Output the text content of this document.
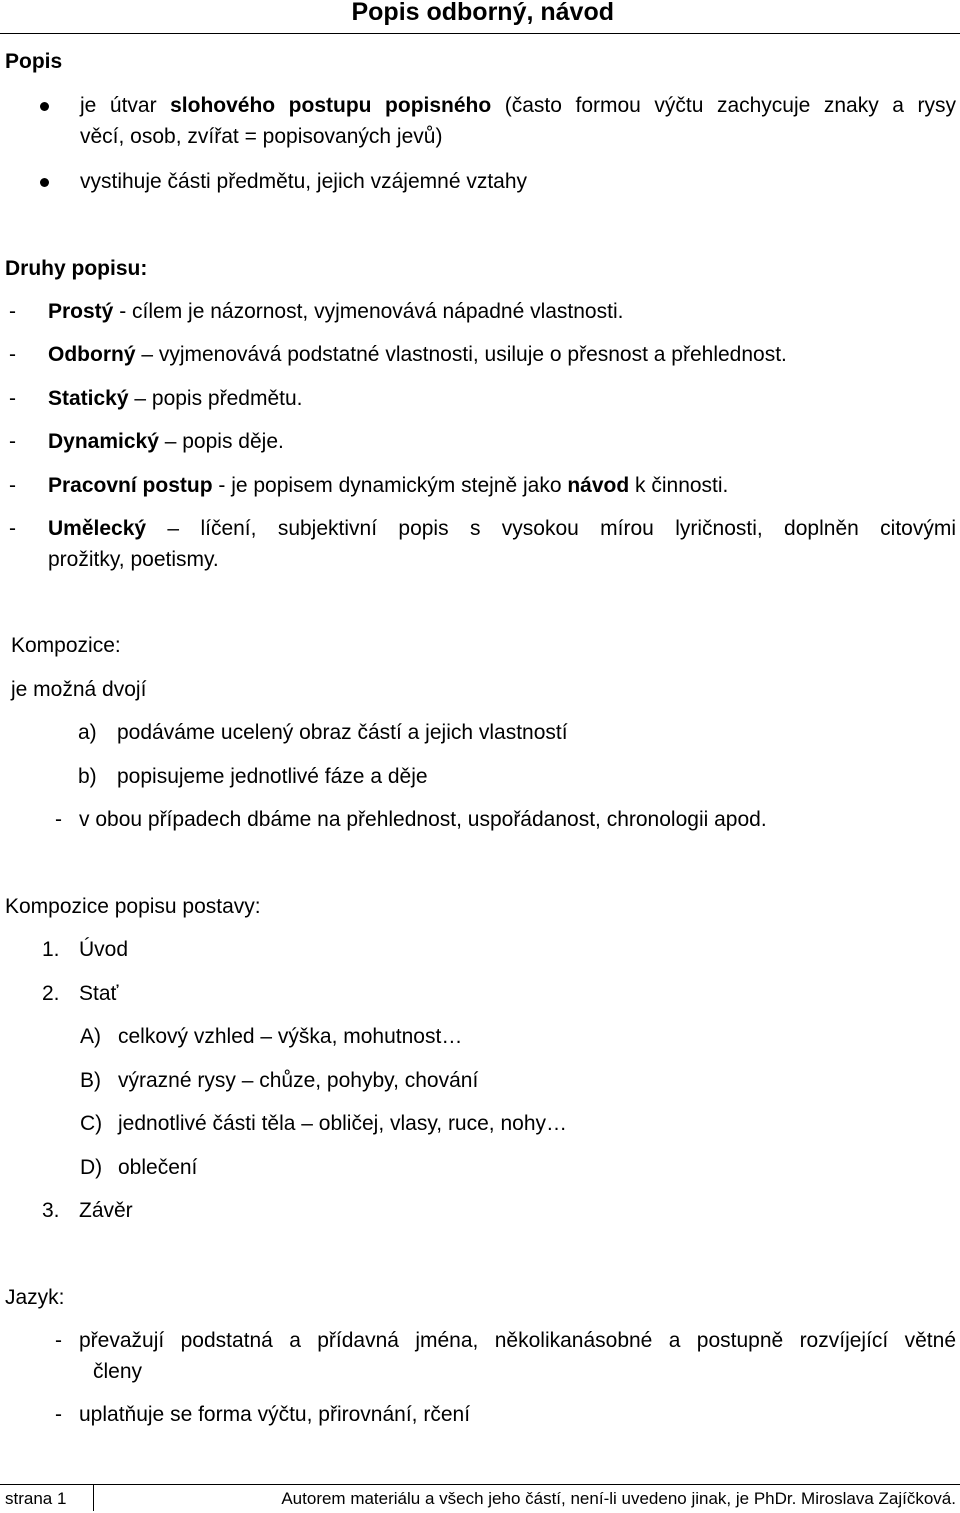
Popis odborný, návod
Popis
je útvar slohového postupu popisného (často formou výčtu zachycuje znaky a rysy
věcí, osob, zvířat = popisovaných jevů)
vystihuje části předmětu, jejich vzájemné vztahy
Druhy popisu:
- Prostý - cílem je názornost, vyjmenovává nápadné vlastnosti.
- Odborný – vyjmenovává podstatné vlastnosti, usiluje o přesnost a přehlednost.
- Statický – popis předmětu.
- Dynamický – popis děje.
- Pracovní postup - je popisem dynamickým stejně jako návod k činnosti.
- Umělecký – líčení, subjektivní popis s vysokou mírou lyričnosti, doplněn citovými
prožitky, poetismy.
Kompozice:
je možná dvojí
a) podáváme ucelený obraz částí a jejich vlastností
b) popisujeme jednotlivé fáze a děje
- v obou případech dbáme na přehlednost, uspořádanost, chronologii apod.
Kompozice popisu postavy:
1. Úvod
2. Stať
A) celkový vzhled – výška, mohutnost…
B) výrazné rysy – chůze, pohyby, chování
C) jednotlivé části těla – obličej, vlasy, ruce, nohy…
D) oblečení
3. Závěr
Jazyk:
- převažují podstatná a přídavná jména, několikanásobné a postupně rozvíjející větné
členy
- uplatňuje se forma výčtu, přirovnání, rčení
strana 1	Autorem materiálu a všech jeho částí, není-li uvedeno jinak, je PhDr. Miroslava Zajíčková.
